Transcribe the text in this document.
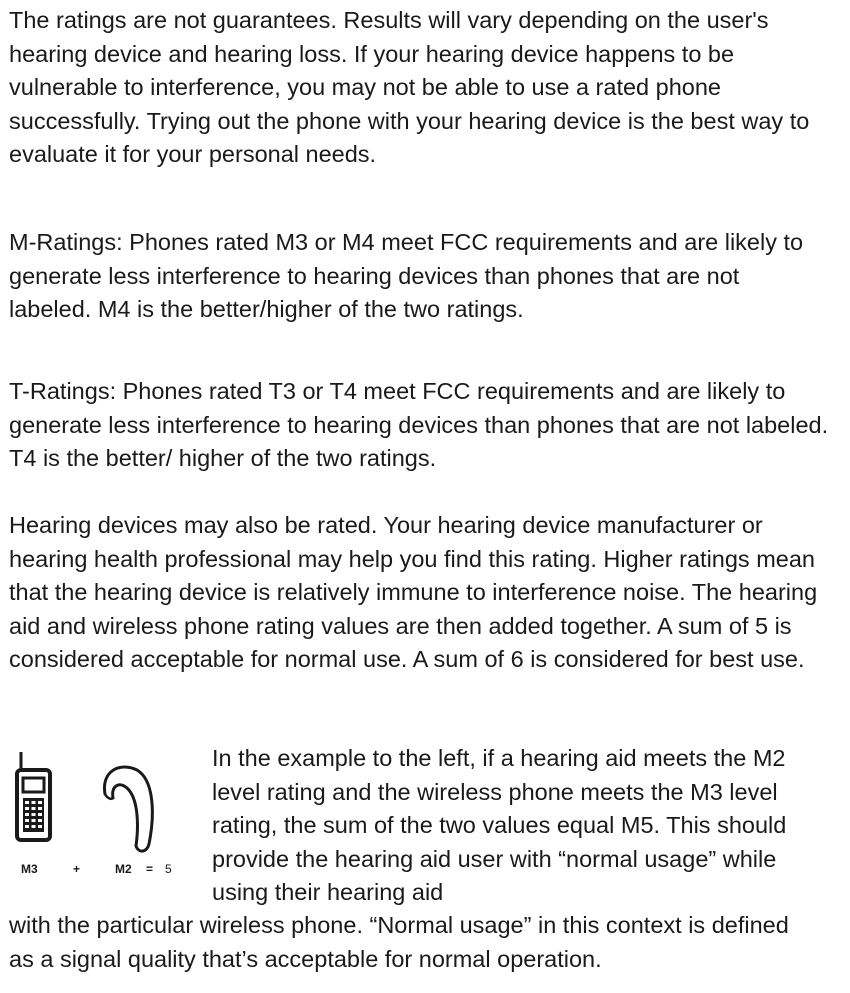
The ratings are not guarantees. Results will vary depending on the user's hearing device and hearing loss. If your hearing device happens to be vulnerable to interference, you may not be able to use a rated phone successfully. Trying out the phone with your hearing device is the best way to evaluate it for your personal needs.

M-Ratings: Phones rated M3 or M4 meet FCC requirements and are likely to generate less interference to hearing devices than phones that are not labeled. M4 is the better/higher of the two ratings.

T-Ratings: Phones rated T3 or T4 meet FCC requirements and are likely to generate less interference to hearing devices than phones that are not labeled. T4 is the better/ higher of the two ratings.

Hearing devices may also be rated. Your hearing device manufacturer or hearing health professional may help you find this rating. Higher ratings mean that the hearing device is relatively immune to interference noise. The hearing aid and wireless phone rating values are then added together. A sum of 5 is considered acceptable for normal use. A sum of 6 is considered for best use.

M3	+	M2 = 5

In the example to the left, if a hearing aid meets the M2 level rating and the wireless phone meets the M3 level rating, the sum of the two values equal M5. This should provide the hearing aid user with “normal usage” while using their hearing aid

with the particular wireless phone. “Normal usage” in this context is defined as a signal quality that’s acceptable for normal operation.
